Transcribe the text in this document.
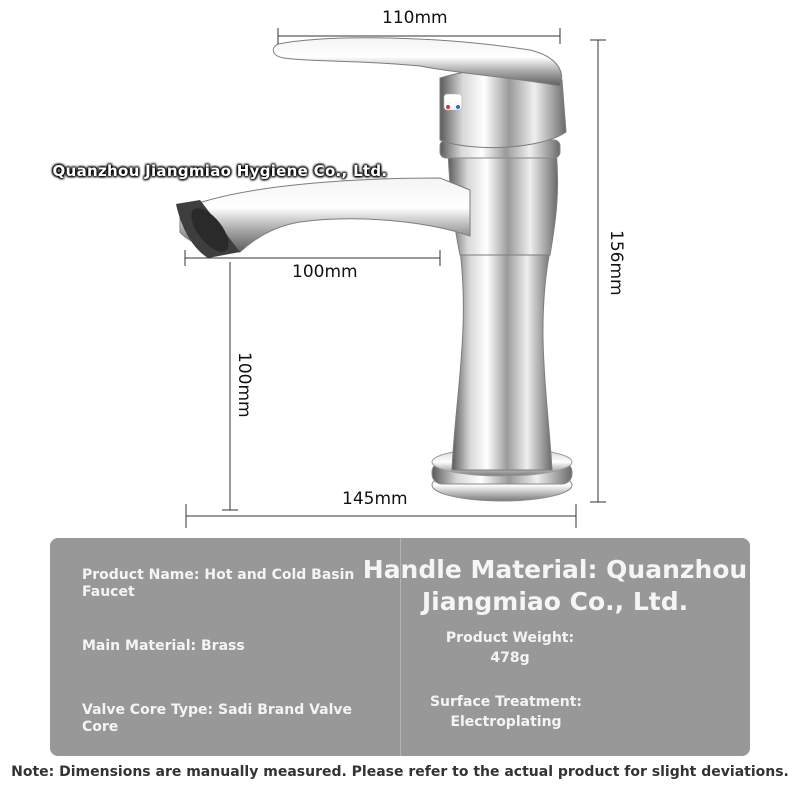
110mm
100mm	156mm
100mm
145mm
Quanzhou Jiangmiao Hygiene Co., Ltd.
Product Name: Hot and Cold Basin Faucet
Main Material: Brass
Valve Core Type: Sadi Brand Valve Core
Handle Material: Quanzhou Jiangmiao Co., Ltd.
Product Weight:
478g
Surface Treatment:
Electroplating
Note: Dimensions are manually measured. Please refer to the actual product for slight deviations.
